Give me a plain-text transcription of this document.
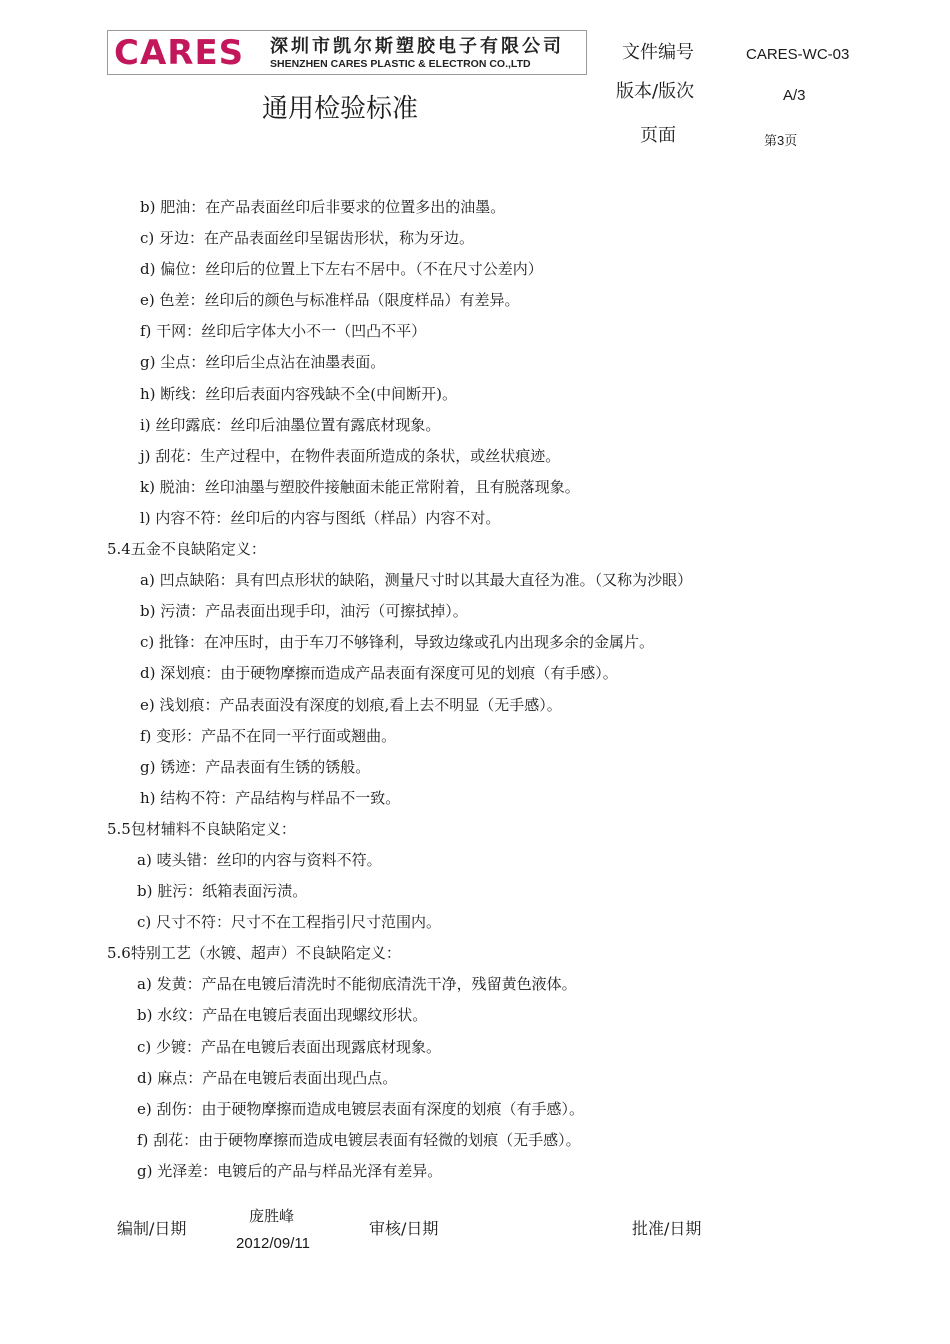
CARES 深圳市凯尔斯塑胶电子有限公司
SHENZHEN CARES PLASTIC & ELECTRON CO.,LTD
通用检验标准
文件编号	CARES-WC-03
版本/版次	A/3
页面	第3页
b) 肥油：在产品表面丝印后非要求的位置多出的油墨。
c) 牙边：在产品表面丝印呈锯齿形状，称为牙边。
d) 偏位：丝印后的位置上下左右不居中。（不在尺寸公差内）
e) 色差：丝印后的颜色与标准样品（限度样品）有差异。
f) 干网：丝印后字体大小不一（凹凸不平）
g) 尘点：丝印后尘点沾在油墨表面。
h) 断线：丝印后表面内容残缺不全(中间断开)。
i) 丝印露底：丝印后油墨位置有露底材现象。
j) 刮花：生产过程中，在物件表面所造成的条状，或丝状痕迹。
k) 脱油：丝印油墨与塑胶件接触面未能正常附着，且有脱落现象。
l) 内容不符：丝印后的内容与图纸（样品）内容不对。
5.4五金不良缺陷定义：
a) 凹点缺陷：具有凹点形状的缺陷，测量尺寸时以其最大直径为准。（又称为沙眼）
b) 污渍：产品表面出现手印，油污（可擦拭掉）。
c) 批锋：在冲压时，由于车刀不够锋利，导致边缘或孔内出现多余的金属片。
d) 深划痕：由于硬物摩擦而造成产品表面有深度可见的划痕（有手感）。
e) 浅划痕：产品表面没有深度的划痕,看上去不明显（无手感）。
f) 变形：产品不在同一平行面或翘曲。
g) 锈迹：产品表面有生锈的锈般。
h) 结构不符：产品结构与样品不一致。
5.5包材辅料不良缺陷定义：
a) 唛头错：丝印的内容与资料不符。
b) 脏污：纸箱表面污渍。
c) 尺寸不符：尺寸不在工程指引尺寸范围内。
5.6特别工艺（水镀、超声）不良缺陷定义：
a) 发黄：产品在电镀后清洗时不能彻底清洗干净，残留黄色液体。
b) 水纹：产品在电镀后表面出现螺纹形状。
c) 少镀：产品在电镀后表面出现露底材现象。
d) 麻点：产品在电镀后表面出现凸点。
e) 刮伤：由于硬物摩擦而造成电镀层表面有深度的划痕（有手感）。
f) 刮花：由于硬物摩擦而造成电镀层表面有轻微的划痕（无手感）。
g) 光泽差：电镀后的产品与样品光泽有差异。
编制/日期
庞胜峰
2012/09/11
审核/日期	批准/日期
